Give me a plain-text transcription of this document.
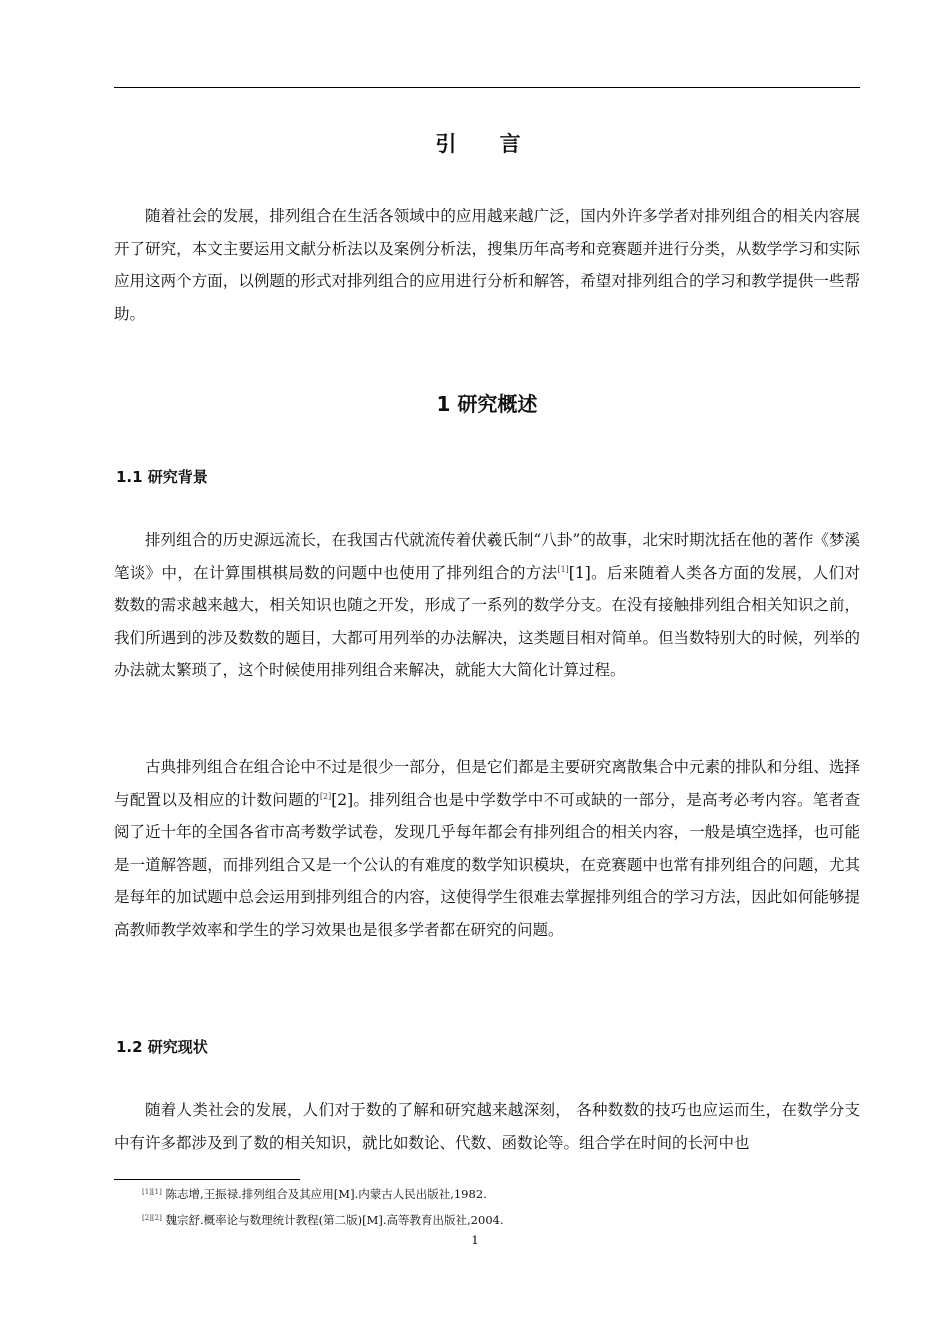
引 言

随着社会的发展，排列组合在生活各领域中的应用越来越广泛，国内外许多学者对排列组合的相关内容展开了研究，本文主要运用文献分析法以及案例分析法，搜集历年高考和竞赛题并进行分类，从数学学习和实际应用这两个方面，以例题的形式对排列组合的应用进行分析和解答，希望对排列组合的学习和教学提供一些帮助。

1 研究概述
1.1 研究背景

排列组合的历史源远流长，在我国古代就流传着伏羲氏制“八卦”的故事，北宋时期沈括在他的著作《梦溪笔谈》中，在计算围棋棋局数的问题中也使用了排列组合的方法[1][1]。后来随着人类各方面的发展，人们对数数的需求越来越大，相关知识也随之开发，形成了一系列的数学分支。在没有接触排列组合相关知识之前，我们所遇到的涉及数数的题目，大都可用列举的办法解决，这类题目相对简单。但当数特别大的时候，列举的办法就太繁琐了，这个时候使用排列组合来解决，就能大大简化计算过程。

古典排列组合在组合论中不过是很少一部分，但是它们都是主要研究离散集合中元素的排队和分组、选择与配置以及相应的计数问题的[2][2]。排列组合也是中学数学中不可或缺的一部分，是高考必考内容。笔者查阅了近十年的全国各省市高考数学试卷，发现几乎每年都会有排列组合的相关内容，一般是填空选择，也可能是一道解答题，而排列组合又是一个公认的有难度的数学知识模块，在竞赛题中也常有排列组合的问题，尤其是每年的加试题中总会运用到排列组合的内容，这使得学生很难去掌握排列组合的学习方法，因此如何能够提高教师教学效率和学生的学习效果也是很多学者都在研究的问题。

1.2 研究现状

随着人类社会的发展，人们对于数的了解和研究越来越深刻， 各种数数的技巧也应运而生，在数学分支中有许多都涉及到了数的相关知识，就比如数论、代数、函数论等。组合学在时间的长河中也

[1][1] 陈志增,王振禄.排列组合及其应用[M].内蒙古人民出版社,1982.
[2][2] 魏宗舒.概率论与数理统计教程(第二版)[M].高等教育出版社,2004.
1
